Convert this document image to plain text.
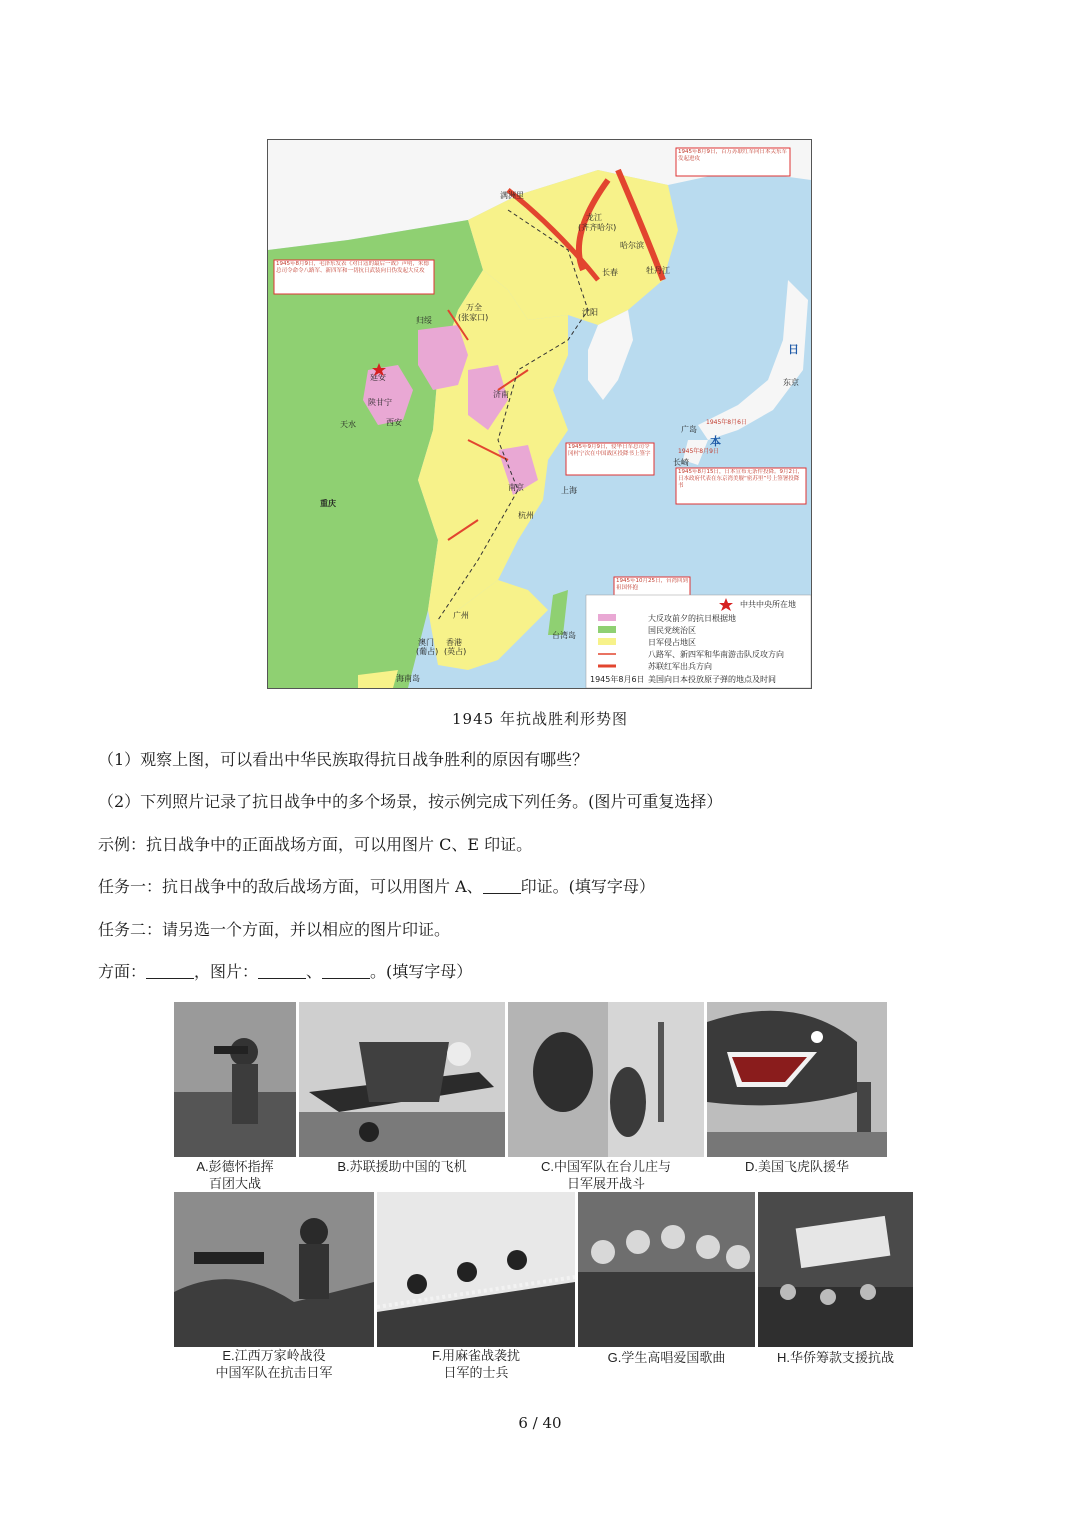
满洲里
龙江
(齐齐哈尔)
哈尔滨
长春	牡丹江
沈阳
万全
(张家口)
归绥
延安
陕甘宁
天水	西安
济南
南京	上海
杭州
重庆
广州
香港
(英占)
澳门
(葡占)
台湾岛
海南岛
东京
广岛
长崎
日
本
1945年8月9日，百万苏联红军向日本关东军发起进攻
1945年8月9日，毛泽东发表《对日寇的最后一战》声明，朱德总司令命令八路军、新四军和一切抗日武装向日伪发起大反攻
1945年9月9日，侵华日军总司令冈村宁次在中国战区投降书上签字
1945年8月15日，日本宣布无条件投降。9月2日，日本政府代表在东京湾美舰“密苏里”号上签署投降书
1945年10月25日，台湾回到祖国怀抱
1945年8月6日
1945年8月9日
中共中央所在地
大反攻前夕的抗日根据地
国民党统治区
日军侵占地区
八路军、新四军和华南游击队反攻方向
苏联红军出兵方向
1945年8月6日 美国向日本投放原子弹的地点及时间
1945 年抗战胜利形势图
（1）观察上图，可以看出中华民族取得抗日战争胜利的原因有哪些？
（2）下列照片记录了抗日战争中的多个场景，按示例完成下列任务。(图片可重复选择）
示例：抗日战争中的正面战场方面，可以用图片 C、E 印证。
任务一：抗日战争中的敌后战场方面，可以用图片 A、 印证。(填写字母）
任务二：请另选一个方面，并以相应的图片印证。
方面：	，图片：	、	。(填写字母）
A.彭德怀指挥
百团大战
B.苏联援助中国的飞机	C.中国军队在台儿庄与
日军展开战斗
D.美国飞虎队援华
E.江西万家岭战役
中国军队在抗击日军
F.用麻雀战袭扰
日军的士兵
G.学生高唱爱国歌曲	H.华侨筹款支援抗战
6 / 40
